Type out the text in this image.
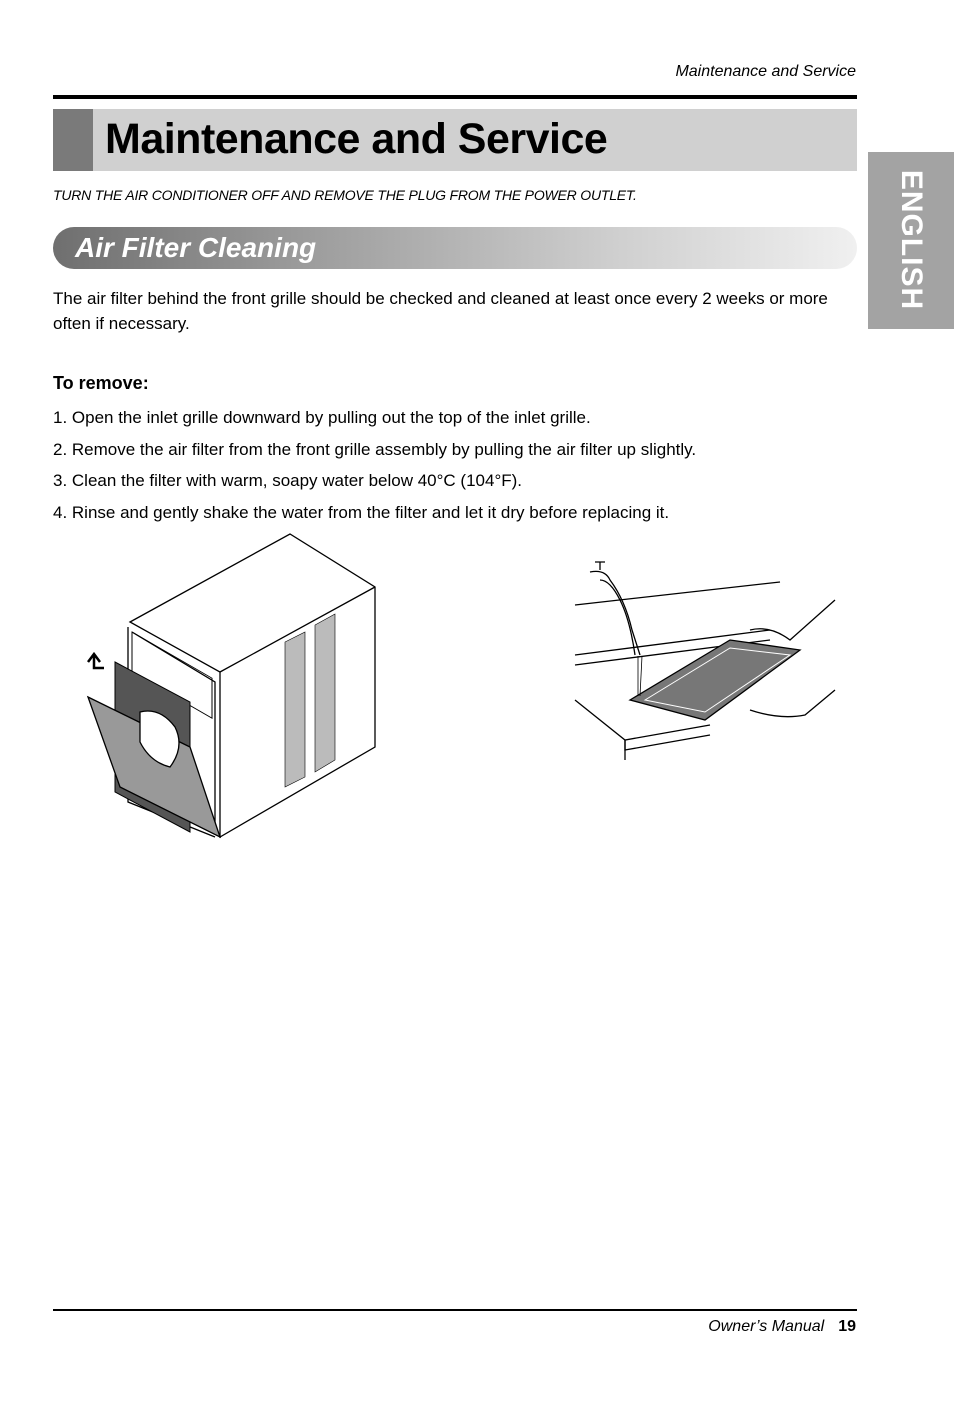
Maintenance and Service
Maintenance and Service
ENGLISH
TURN THE AIR CONDITIONER OFF AND REMOVE THE PLUG FROM THE POWER OUTLET.
Air Filter Cleaning
The air filter behind the front grille should be checked and cleaned at least once every 2 weeks or more often if necessary.
To remove:
1. Open the inlet grille downward by pulling out the top of the inlet grille.
2. Remove the air filter from the front grille assembly by pulling the air filter up slightly.
3. Clean the filter with warm, soapy water below 40°C (104°F).
4. Rinse and gently shake the water from the filter and let it dry before replacing it.
Owner’s Manual 19
